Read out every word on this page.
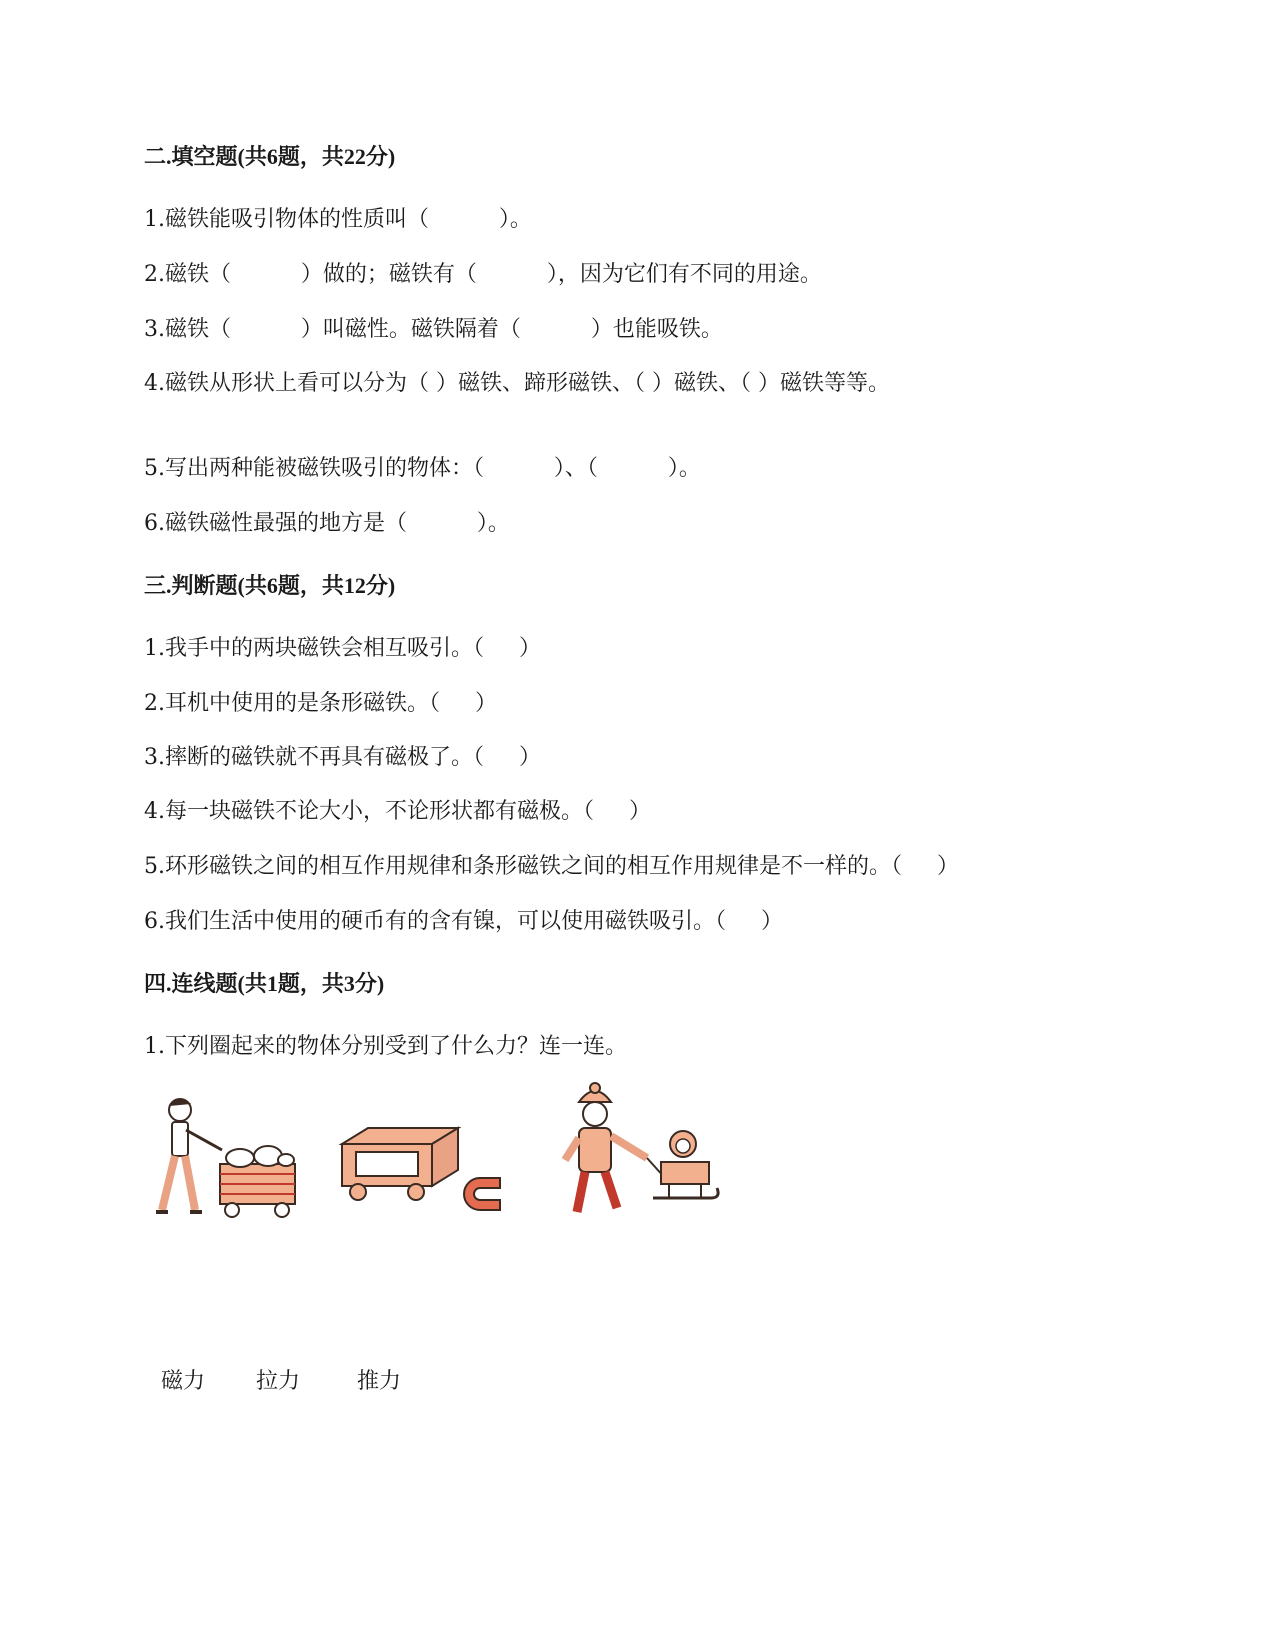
二.填空题(共6题，共22分)
1.磁铁能吸引物体的性质叫（          ）。
2.磁铁（          ）做的；磁铁有（          ），因为它们有不同的用途。
3.磁铁（          ）叫磁性。磁铁隔着（          ）也能吸铁。
4.磁铁从形状上看可以分为（ ）磁铁、蹄形磁铁、（ ）磁铁、（ ）磁铁等等。
5.写出两种能被磁铁吸引的物体：（          ）、（          ）。
6.磁铁磁性最强的地方是（          ）。
三.判断题(共6题，共12分)
1.我手中的两块磁铁会相互吸引。（     ）
2.耳机中使用的是条形磁铁。（     ）
3.摔断的磁铁就不再具有磁极了。（     ）
4.每一块磁铁不论大小，不论形状都有磁极。（     ）
5.环形磁铁之间的相互作用规律和条形磁铁之间的相互作用规律是不一样的。（     ）
6.我们生活中使用的硬币有的含有镍，可以使用磁铁吸引。（     ）
四.连线题(共1题，共3分)
1.下列圈起来的物体分别受到了什么力？连一连。
磁力 拉力	推力
